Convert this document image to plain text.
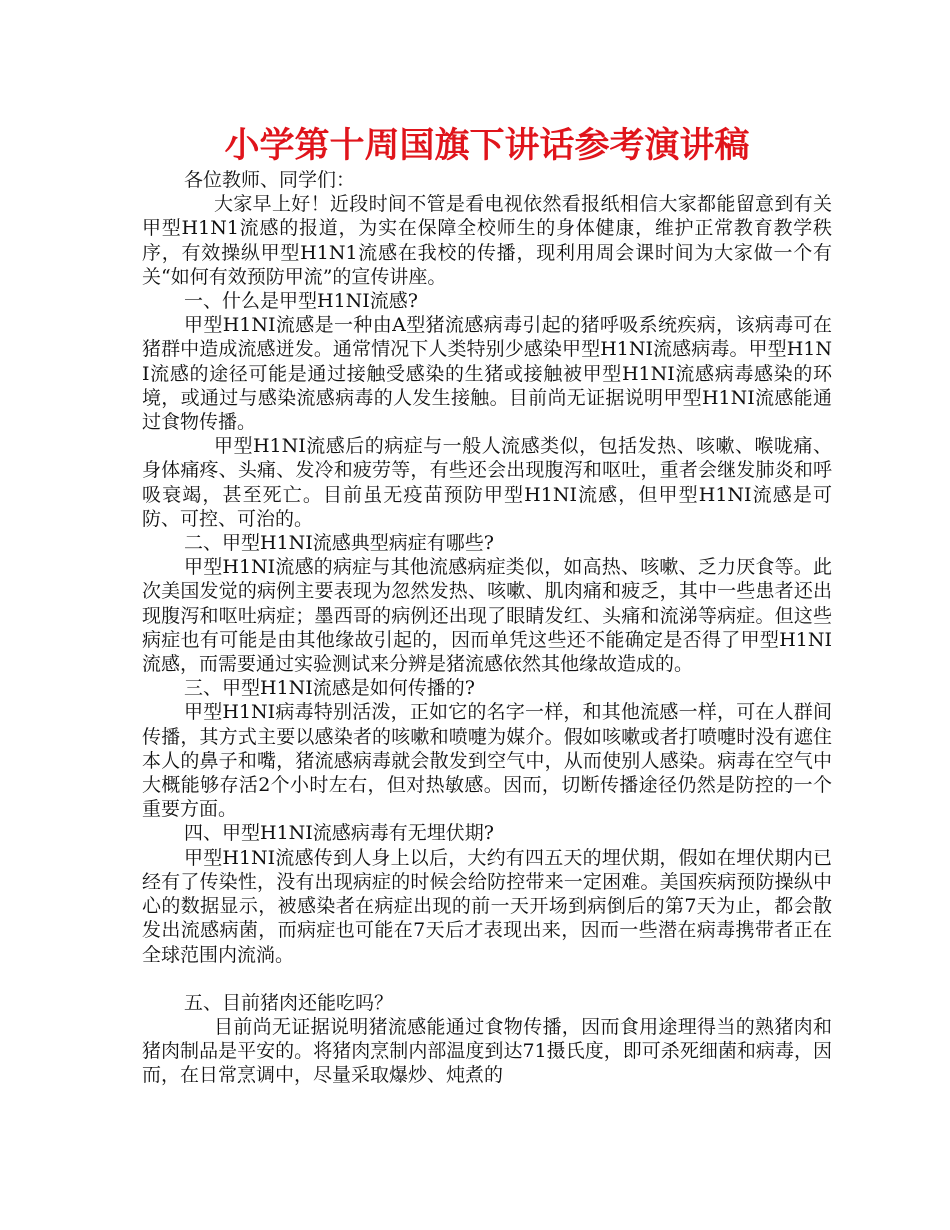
小学第十周国旗下讲话参考演讲稿

各位教师、同学们：

大家早上好！近段时间不管是看电视依然看报纸相信大家都能留意到有关甲型H1N1流感的报道，为实在保障全校师生的身体健康，维护正常教育教学秩序，有效操纵甲型H1N1流感在我校的传播，现利用周会课时间为大家做一个有关“如何有效预防甲流”的宣传讲座。

一、什么是甲型H1NI流感?

甲型H1NI流感是一种由A型猪流感病毒引起的猪呼吸系统疾病，该病毒可在猪群中造成流感迸发。通常情况下人类特别少感染甲型H1NI流感病毒。甲型H1NI流感的途径可能是通过接触受感染的生猪或接触被甲型H1NI流感病毒感染的环境，或通过与感染流感病毒的人发生接触。目前尚无证据说明甲型H1NI流感能通过食物传播。

甲型H1NI流感后的病症与一般人流感类似，包括发热、咳嗽、喉咙痛、身体痛疼、头痛、发冷和疲劳等，有些还会出现腹泻和呕吐，重者会继发肺炎和呼吸衰竭，甚至死亡。目前虽无疫苗预防甲型H1NI流感，但甲型H1NI流感是可防、可控、可治的。

二、甲型H1NI流感典型病症有哪些?

甲型H1NI流感的病症与其他流感病症类似，如高热、咳嗽、乏力厌食等。此次美国发觉的病例主要表现为忽然发热、咳嗽、肌肉痛和疲乏，其中一些患者还出现腹泻和呕吐病症；墨西哥的病例还出现了眼睛发红、头痛和流涕等病症。但这些病症也有可能是由其他缘故引起的，因而单凭这些还不能确定是否得了甲型H1NI流感，而需要通过实验测试来分辨是猪流感依然其他缘故造成的。

三、甲型H1NI流感是如何传播的?

甲型H1NI病毒特别活泼，正如它的名字一样，和其他流感一样，可在人群间传播，其方式主要以感染者的咳嗽和喷嚏为媒介。假如咳嗽或者打喷嚏时没有遮住本人的鼻子和嘴，猪流感病毒就会散发到空气中，从而使别人感染。病毒在空气中大概能够存活2个小时左右，但对热敏感。因而，切断传播途径仍然是防控的一个重要方面。

四、甲型H1NI流感病毒有无埋伏期?

甲型H1NI流感传到人身上以后，大约有四五天的埋伏期，假如在埋伏期内已经有了传染性，没有出现病症的时候会给防控带来一定困难。美国疾病预防操纵中心的数据显示，被感染者在病症出现的前一天开场到病倒后的第7天为止，都会散发出流感病菌，而病症也可能在7天后才表现出来，因而一些潜在病毒携带者正在全球范围内流淌。

五、目前猪肉还能吃吗？

目前尚无证据说明猪流感能通过食物传播，因而食用途理得当的熟猪肉和猪肉制品是平安的。将猪肉烹制内部温度到达71摄氏度，即可杀死细菌和病毒，因而，在日常烹调中，尽量采取爆炒、炖煮的
